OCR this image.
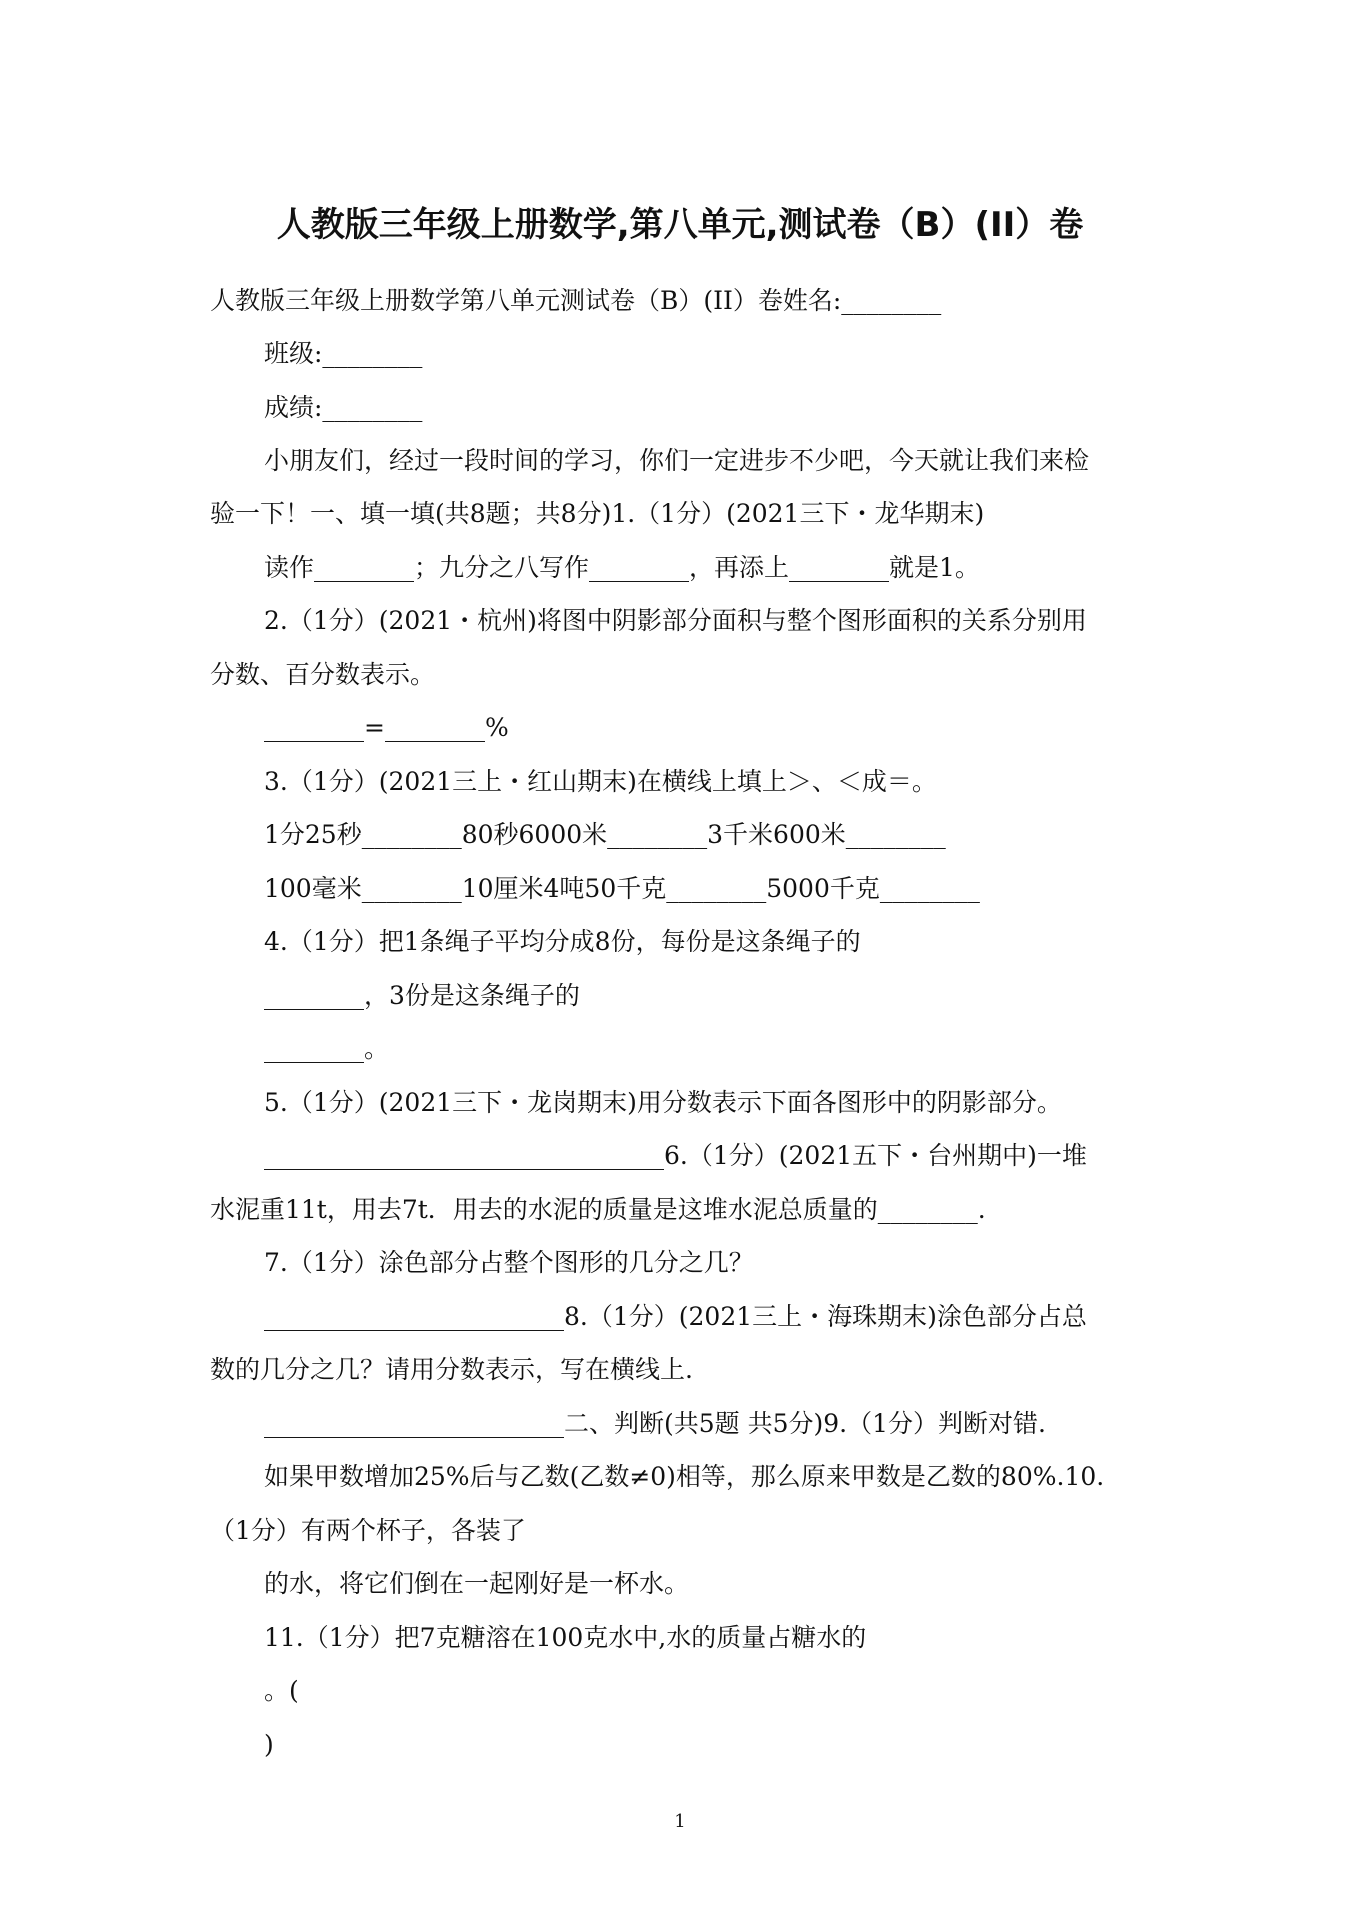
人教版三年级上册数学,第八单元,测试卷（B）(II）卷
人教版三年级上册数学第八单元测试卷（B）(II）卷姓名:________
班级:________
成绩:________
小朋友们，经过一段时间的学习，你们一定进步不少吧，今天就让我们来检
验一下！一、填一填(共8题；共8分)1.（1分）(2021三下・龙华期末)
读作________；九分之八写作________，再添上________就是1。
2.（1分）(2021・杭州)将图中阴影部分面积与整个图形面积的关系分别用
分数、百分数表示。
________=________%
3.（1分）(2021三上・红山期末)在横线上填上＞、＜成＝。
1分25秒________80秒6000米________3千米600米________
100毫米________10厘米4吨50千克________5000千克________
4.（1分）把1条绳子平均分成8份，每份是这条绳子的
________，3份是这条绳子的
________。
5.（1分）(2021三下・龙岗期末)用分数表示下面各图形中的阴影部分。
________________________________6.（1分）(2021五下・台州期中)一堆
水泥重11t，用去7t．用去的水泥的质量是这堆水泥总质量的________.
7.（1分）涂色部分占整个图形的几分之几？
________________________8.（1分）(2021三上・海珠期末)涂色部分占总
数的几分之几？请用分数表示，写在横线上.
________________________二、判断(共5题 共5分)9.（1分）判断对错.
如果甲数增加25%后与乙数(乙数≠0)相等，那么原来甲数是乙数的80%.10.
（1分）有两个杯子，各装了
的水，将它们倒在一起刚好是一杯水。
11.（1分）把7克糖溶在100克水中,水的质量占糖水的
。(
)
1
